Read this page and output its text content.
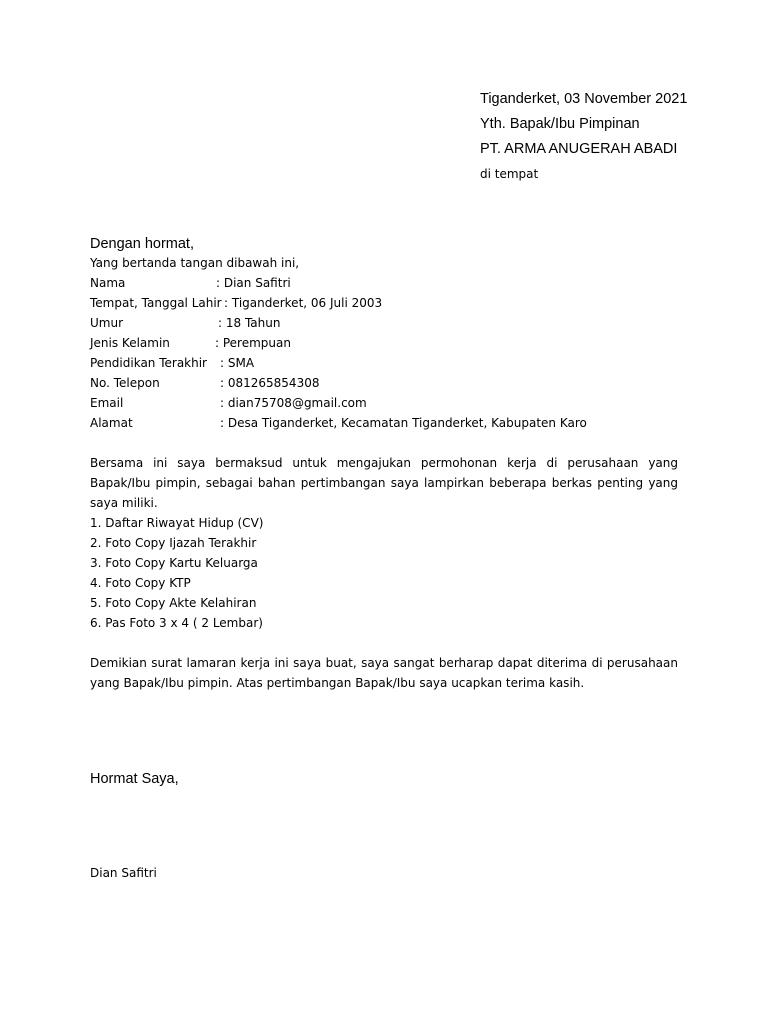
Tiganderket, 03 November 2021
Yth. Bapak/Ibu Pimpinan
PT. ARMA ANUGERAH ABADI
di tempat
Dengan hormat,
Yang bertanda tangan dibawah ini,
Nama	: Dian Safitri
Tempat, Tanggal Lahir : Tiganderket, 06 Juli 2003
Umur	: 18 Tahun
Jenis Kelamin	: Perempuan
Pendidikan Terakhir : SMA
No. Telepon	: 081265854308
Email	: dian75708@gmail.com
Alamat	: Desa Tiganderket, Kecamatan Tiganderket, Kabupaten Karo
Bersama ini saya bermaksud untuk mengajukan permohonan kerja di perusahaan yang Bapak/Ibu pimpin, sebagai bahan pertimbangan saya lampirkan beberapa berkas penting yang saya miliki.
1. Daftar Riwayat Hidup (CV)
2. Foto Copy Ijazah Terakhir
3. Foto Copy Kartu Keluarga
4. Foto Copy KTP
5. Foto Copy Akte Kelahiran
6. Pas Foto 3 x 4 ( 2 Lembar)
Demikian surat lamaran kerja ini saya buat, saya sangat berharap dapat diterima di perusahaan yang Bapak/Ibu pimpin. Atas pertimbangan Bapak/Ibu saya ucapkan terima kasih.
Hormat Saya,
Dian Safitri
